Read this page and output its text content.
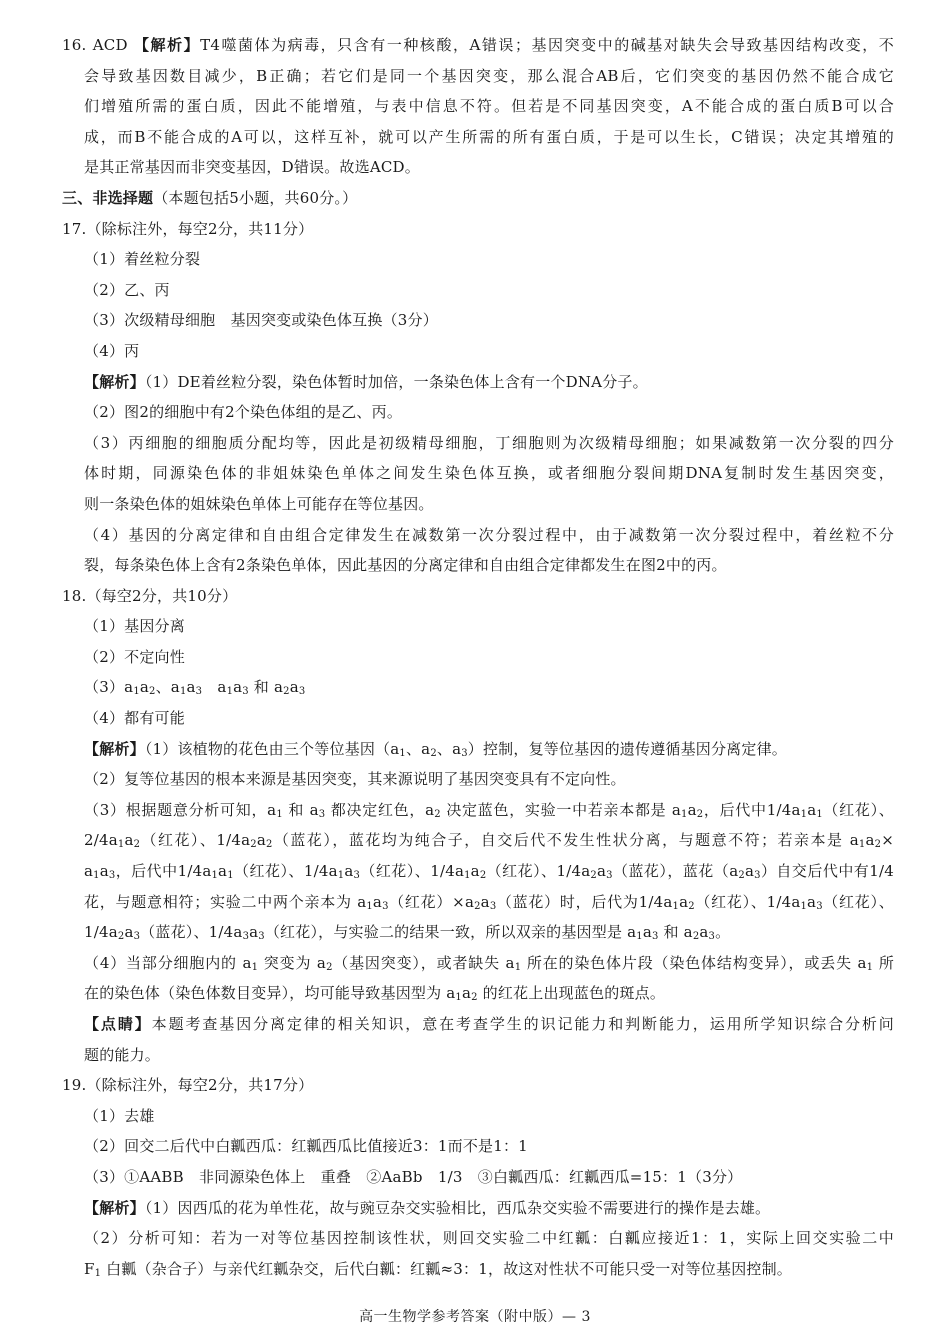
16. ACD 【解析】T4噬菌体为病毒，只含有一种核酸，A错误；基因突变中的碱基对缺失会导致基因结构改变，不
会导致基因数目减少，B正确；若它们是同一个基因突变，那么混合AB后，它们突变的基因仍然不能合成它
们增殖所需的蛋白质，因此不能增殖，与表中信息不符。但若是不同基因突变，A不能合成的蛋白质B可以合
成，而B不能合成的A可以，这样互补，就可以产生所需的所有蛋白质，于是可以生长，C错误；决定其增殖的
是其正常基因而非突变基因，D错误。故选ACD。
三、非选择题（本题包括5小题，共60分。）
17.（除标注外，每空2分，共11分）
（1）着丝粒分裂
（2）乙、丙
（3）次级精母细胞　基因突变或染色体互换（3分）
（4）丙
【解析】（1）DE着丝粒分裂，染色体暂时加倍，一条染色体上含有一个DNA分子。
（2）图2的细胞中有2个染色体组的是乙、丙。
（3）丙细胞的细胞质分配均等，因此是初级精母细胞，丁细胞则为次级精母细胞；如果减数第一次分裂的四分
体时期，同源染色体的非姐妹染色单体之间发生染色体互换，或者细胞分裂间期DNA复制时发生基因突变，
则一条染色体的姐妹染色单体上可能存在等位基因。
（4）基因的分离定律和自由组合定律发生在减数第一次分裂过程中，由于减数第一次分裂过程中，着丝粒不分
裂，每条染色体上含有2条染色单体，因此基因的分离定律和自由组合定律都发生在图2中的丙。
18.（每空2分，共10分）
（1）基因分离
（2）不定向性
$(3)a_1a_2$、$a_1a_3$　$a_1a_3$ 和 $a_2a_3$
（4）都有可能
【解析】（1）该植物的花色由三个等位基因（$a_1$、$a_2$、$a_3$）控制，复等位基因的遗传遵循基因分离定律。
（2）复等位基因的根本来源是基因突变，其来源说明了基因突变具有不定向性。
（3）根据题意分析可知，$a_1$ 和 $a_3$ 都决定红色，$a_2$ 决定蓝色，实验一中若亲本都是 $a_1a_2$，后代中$1/4a_1a_1$（红花）、
$2/4a_1a_2$（红花）、$1/4a_2a_2$（蓝花），蓝花均为纯合子，自交后代不发生性状分离，与题意不符；若亲本是 $a_1a_2\times$
$a_1a_3$，后代中$1/4a_1a_1$（红花）、$1/4a_1a_3$（红花）、$1/4a_1a_2$（红花）、$1/4a_2a_3$（蓝花），蓝花$(a_2a_3)$自交后代中有1/4
花，与题意相符；实验二中两个亲本为 $a_1a_3$（红花）$\times a_2a_3$（蓝花）时，后代为$1/4a_1a_2$（红花）、$1/4a_1a_3$（红花）、
$1/4a_2a_3$（蓝花）、$1/4a_3a_3$（红花），与实验二的结果一致，所以双亲的基因型是 $a_1a_3$ 和 $a_2a_3$。
（4）当部分细胞内的 $a_1$ 突变为 $a_2$（基因突变），或者缺失 $a_1$ 所在的染色体片段（染色体结构变异），或丢失 $a_1$ 所
在的染色体（染色体数目变异），均可能导致基因型为 $a_1a_2$ 的红花上出现蓝色的斑点。
【点睛】本题考查基因分离定律的相关知识，意在考查学生的识记能力和判断能力，运用所学知识综合分析问
题的能力。
19.（除标注外，每空2分，共17分）
（1）去雄
（2）回交二后代中白瓤西瓜：红瓤西瓜比值接近3：1而不是1：1
（3）①AABB　非同源染色体上　重叠　②AaBb　1/3　③白瓤西瓜：红瓤西瓜=15：1（3分）
【解析】（1）因西瓜的花为单性花，故与豌豆杂交实验相比，西瓜杂交实验不需要进行的操作是去雄。
（2）分析可知：若为一对等位基因控制该性状，则回交实验二中红瓤：白瓤应接近1：1，实际上回交实验二中
$F_1$ 白瓤（杂合子）与亲代红瓤杂交，后代白瓤：红瓤≈3：1，故这对性状不可能只受一对等位基因控制。
高一生物学参考答案（附中版）— 3
